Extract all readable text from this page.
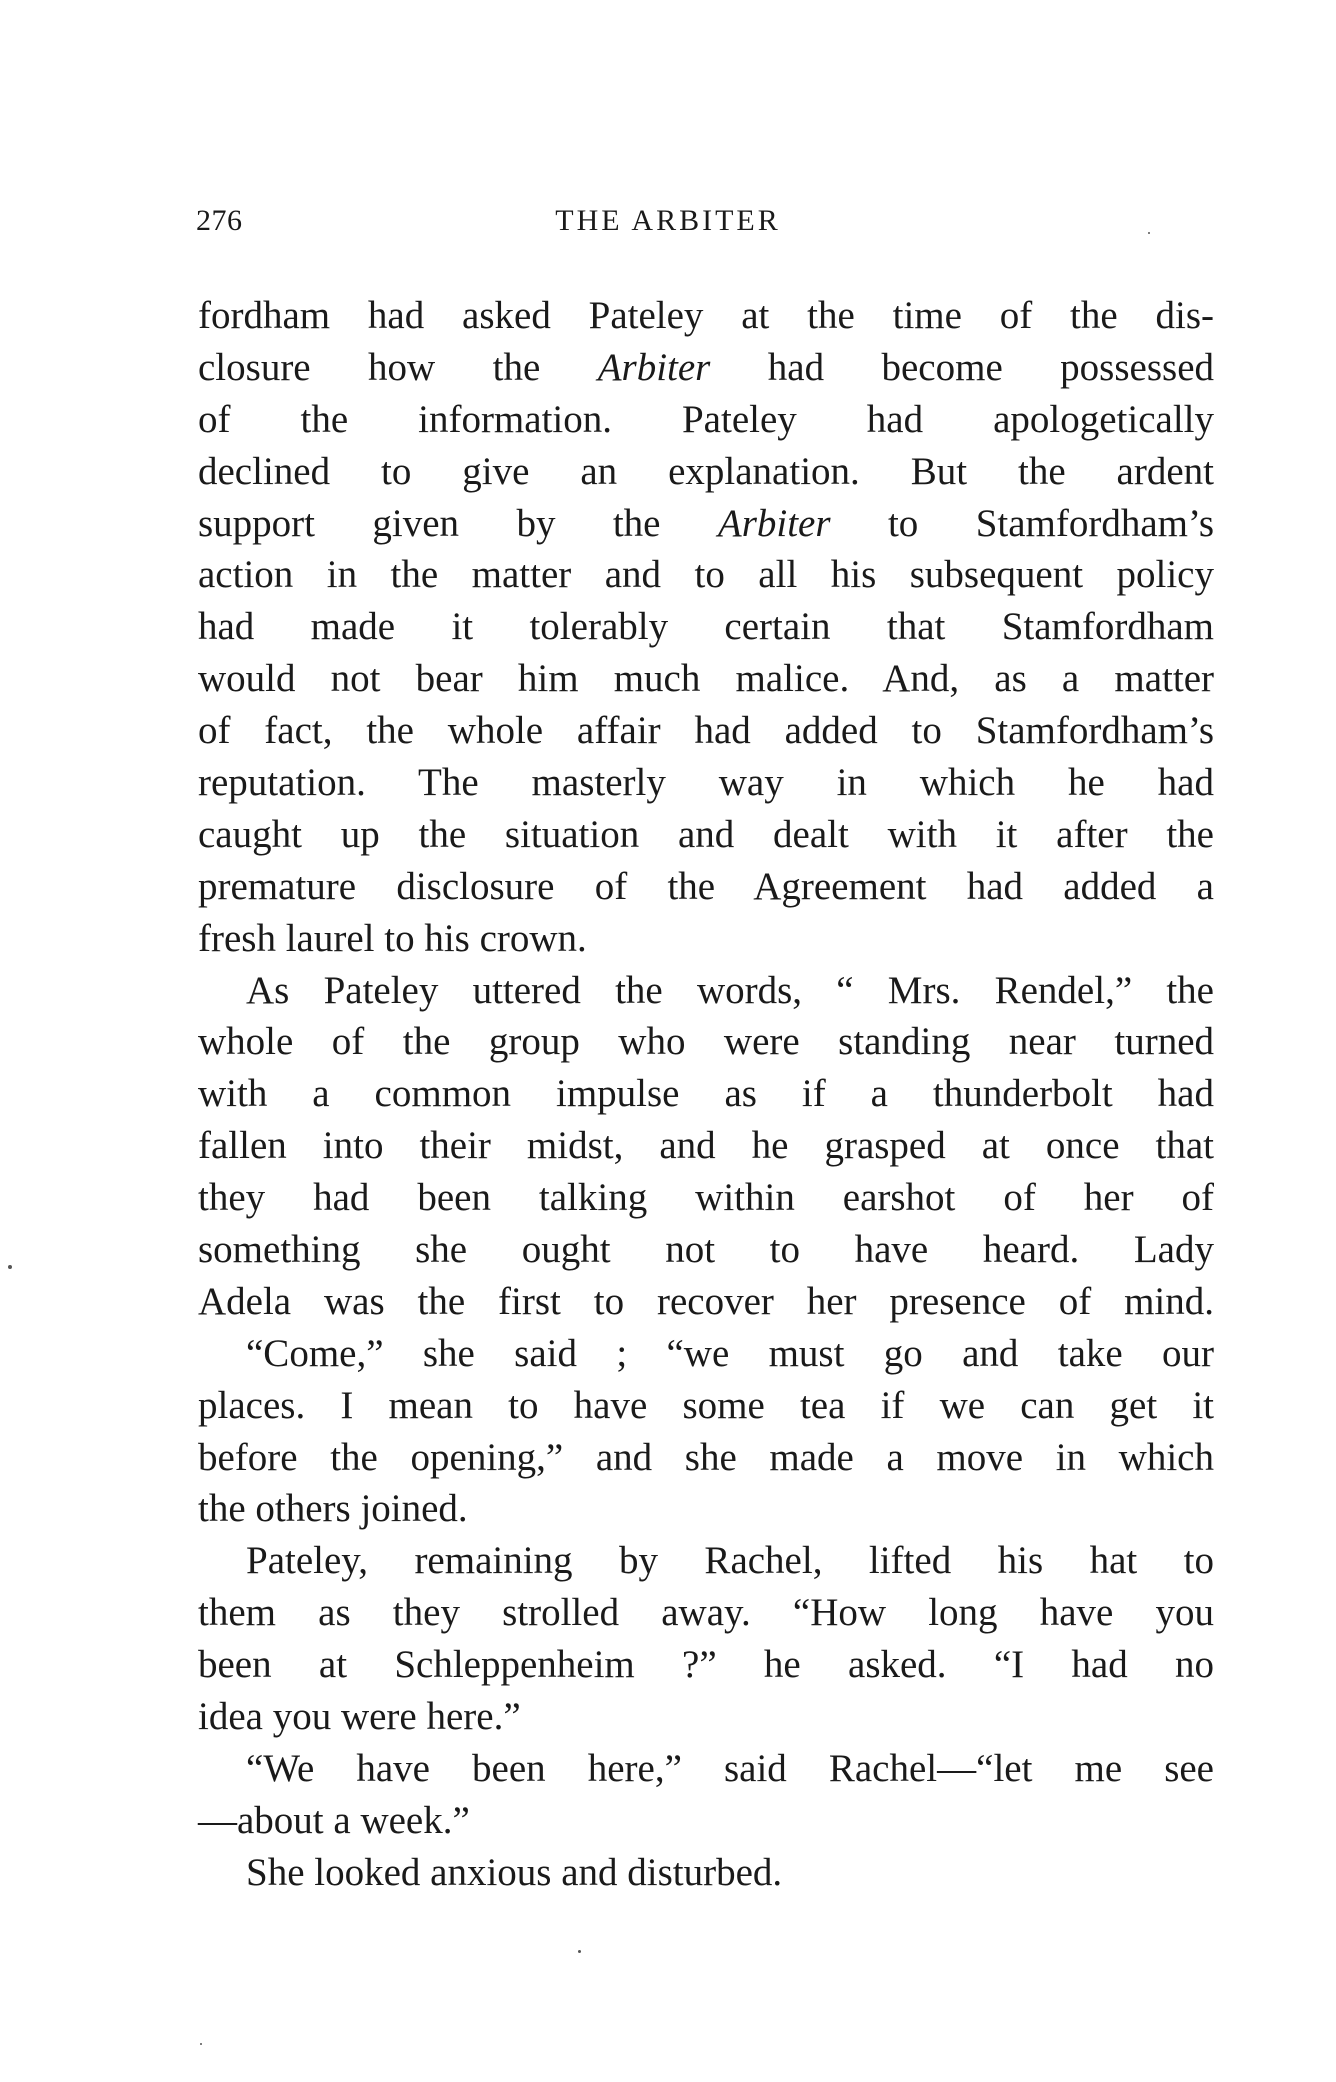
276	THE ARBITER
fordham had asked Pateley at the time of the dis-
closure how the Arbiter had become possessed
of the information. Pateley had apologetically
declined to give an explanation. But the ardent
support given by the Arbiter to Stamfordham’s
action in the matter and to all his subsequent policy
had made it tolerably certain that Stamfordham
would not bear him much malice. And, as a matter
of fact, the whole affair had added to Stamfordham’s
reputation. The masterly way in which he had
caught up the situation and dealt with it after the
premature disclosure of the Agreement had added a
fresh laurel to his crown.
As Pateley uttered the words, “ Mrs. Rendel,” the
whole of the group who were standing near turned
with a common impulse as if a thunderbolt had
fallen into their midst, and he grasped at once that
they had been talking within earshot of her of
something she ought not to have heard. Lady
Adela was the first to recover her presence of mind.
“Come,” she said ; “we must go and take our
places. I mean to have some tea if we can get it
before the opening,” and she made a move in which
the others joined.
Pateley, remaining by Rachel, lifted his hat to
them as they strolled away. “How long have you
been at Schleppenheim ?” he asked. “I had no
idea you were here.”
“We have been here,” said Rachel—“let me see
—about a week.”
She looked anxious and disturbed.
